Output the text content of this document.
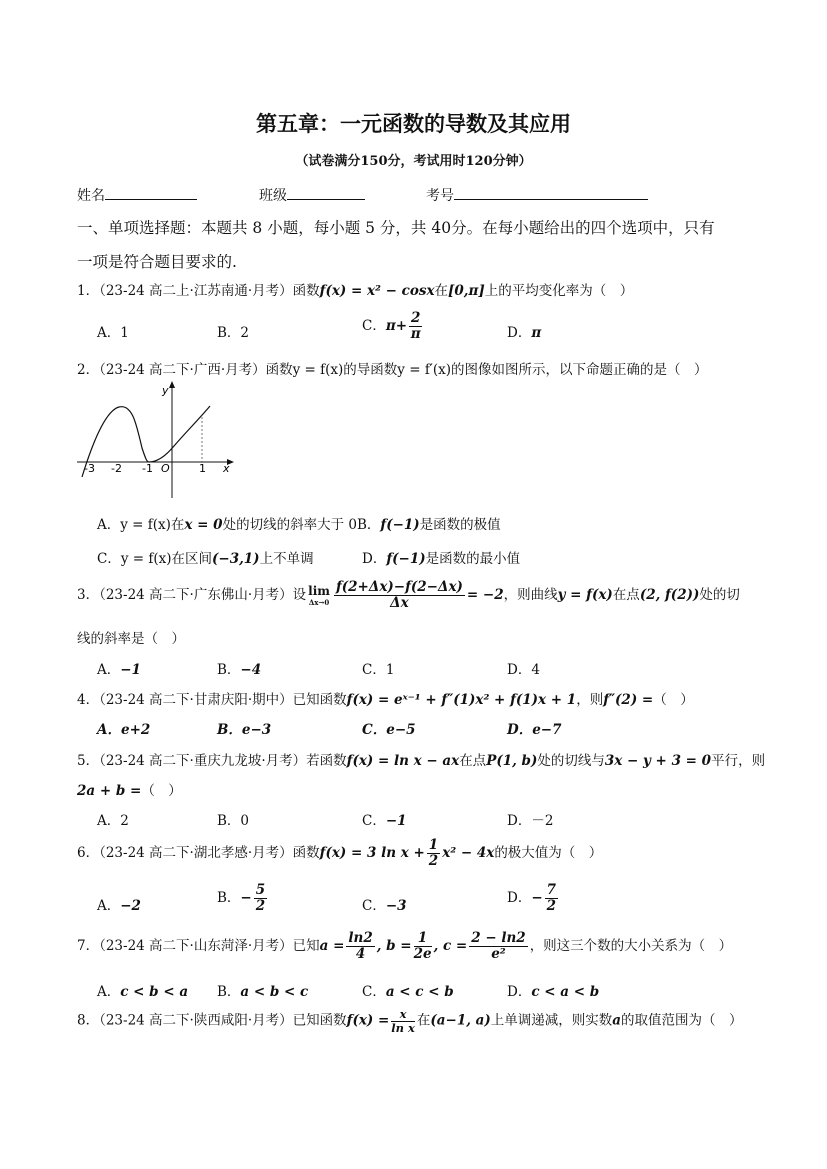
第五章：一元函数的导数及其应用
（试卷满分150分，考试用时120分钟）
姓名	班级	考号
一、单项选择题：本题共 8 小题，每小题 5 分，共 40分。在每小题给出的四个选项中，只有
一项是符合题目要求的.
1．（23-24 高二上·江苏南通·月考）函数f(x) = x² − cosx在[0,π]上的平均变化率为（　）
A．1	B．2	C．$\pi+ \frac{2}{\pi}$	D．π
2．（23-24 高二下·广西·月考）函数y = f(x)的导函数y = f′(x)的图像如图所示，以下命题正确的是（　）
-3 -2 -1 O	1 x
y
A．y = f(x)在x = 0处的切线的斜率大于 0B．f(−1)是函数的极值
C．y = f(x)在区间(−3,1)上不单调	D．f(−1)是函数的最小值
3．（23-24 高二下·广东佛山·月考）设 lim
$\Delta x\to 0 \frac{f(2+\Delta x)-f(2-\Delta x)}{\Delta x} = -2$，则曲线y = f(x)在点(2, f(2))处的切
线的斜率是（　）
A．−1	B．−4	C．1	D．4
4．（23-24 高二下·甘肃庆阳·期中）已知函数f(x) = eˣ⁻¹ + f″(1)x² + f(1)x + 1，则f″(2) =（　）
A．e+2	B．e−3	C．e−5	D．e−7
5．（23-24 高二下·重庆九龙坡·月考）若函数f(x) = ln x − ax在点P(1, b)处的切线与3x − y + 3 = 0平行，则
2a + b =（　）
A．2	B．0	C．−1	D．－2
6．（23-24 高二下·湖北孝感·月考）函数f(x) = 3 $\ln x + \frac{1}{2} x^2 - 4x$的极大值为（　）
A．−2
B．− $\frac{5}{2}$	C．−3
D．− $\frac{7}{2}$
7．（23-24 高二下·山东菏泽·月考）已知$a = \frac{\ln 2}{4}$ , $b = \frac{1}{2e}$ , $c = \frac{2 - \ln 2}{\text{e²}}$ ，则这三个数的大小关系为（　）
A．c < b < a B．a < b < c	C．a < c < b	D．c < a < b
8．（23-24 高二下·陕西咸阳·月考）已知函数$f(x) = \frac{x}{\text{ln x}}$ 在(a−1, a)上单调递减，则实数a的取值范围为（　）
